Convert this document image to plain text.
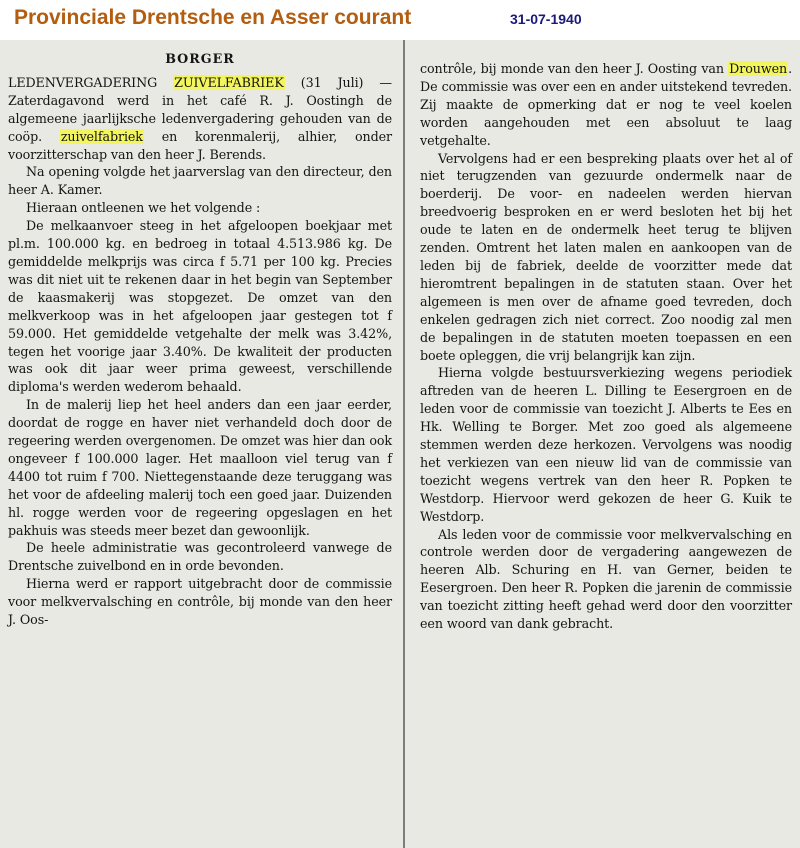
Provinciale Drentsche en Asser courant	31-07-1940
BORGER

LEDENVERGADERING ZUIVELFABRIEK (31 Juli) — Zaterdagavond werd in het café R. J. Oostingh de algemeene jaarlijksche ledenvergadering gehouden van de coöp. zuivelfabriek en korenmalerij, alhier, onder voorzitterschap van den heer J. Berends.

Na opening volgde het jaarverslag van den directeur, den heer A. Kamer.

Hieraan ontleenen we het volgende :

De melkaanvoer steeg in het afgeloopen boekjaar met pl.m. 100.000 kg. en bedroeg in totaal 4.513.986 kg. De gemiddelde melkprijs was circa f 5.71 per 100 kg. Precies was dit niet uit te rekenen daar in het begin van September de kaasmakerij was stopgezet. De omzet van den melkverkoop was in het afgeloopen jaar gestegen tot f 59.000. Het gemiddelde vetgehalte der melk was 3.42%, tegen het voorige jaar 3.40%. De kwaliteit der producten was ook dit jaar weer prima geweest, verschillende diploma's werden wederom behaald.

In de malerij liep het heel anders dan een jaar eerder, doordat de rogge en haver niet verhandeld doch door de regeering werden overgenomen. De omzet was hier dan ook ongeveer f 100.000 lager. Het maalloon viel terug van f 4400 tot ruim f 700. Niettegenstaande deze teruggang was het voor de afdeeling malerij toch een goed jaar. Duizenden hl. rogge werden voor de regeering opgeslagen en het pakhuis was steeds meer bezet dan gewoonlijk.

De heele administratie was gecontroleerd vanwege de Drentsche zuivelbond en in orde bevonden.

Hierna werd er rapport uitgebracht door de commissie voor melkvervalsching en contrôle, bij monde van den heer J. Oos-

contrôle, bij monde van den heer J. Oosting van Drouwen. De commissie was over een en ander uitstekend tevreden. Zij maakte de opmerking dat er nog te veel koelen worden aangehouden met een absoluut te laag vetgehalte.

Vervolgens had er een bespreking plaats over het al of niet terugzenden van gezuurde ondermelk naar de boerderij. De voor- en nadeelen werden hiervan breedvoerig besproken en er werd besloten het bij het oude te laten en de ondermelk heet terug te blijven zenden. Omtrent het laten malen en aankoopen van de leden bij de fabriek, deelde de voorzitter mede dat hieromtrent bepalingen in de statuten staan. Over het algemeen is men over de afname goed tevreden, doch enkelen gedragen zich niet correct. Zoo noodig zal men de bepalingen in de statuten moeten toepassen en een boete opleggen, die vrij belangrijk kan zijn.

Hierna volgde bestuursverkiezing wegens periodiek aftreden van de heeren L. Dilling te Eesergroen en de leden voor de commissie van toezicht J. Alberts te Ees en Hk. Welling te Borger. Met zoo goed als algemeene stemmen werden deze herkozen. Vervolgens was noodig het verkiezen van een nieuw lid van de commissie van toezicht wegens vertrek van den heer R. Popken te Westdorp. Hiervoor werd gekozen de heer G. Kuik te Westdorp.

Als leden voor de commissie voor melkvervalsching en controle werden door de vergadering aangewezen de heeren Alb. Schuring en H. van Gerner, beiden te Eesergroen. Den heer R. Popken die jarenin de commissie van toezicht zitting heeft gehad werd door den voorzitter een woord van dank gebracht.
